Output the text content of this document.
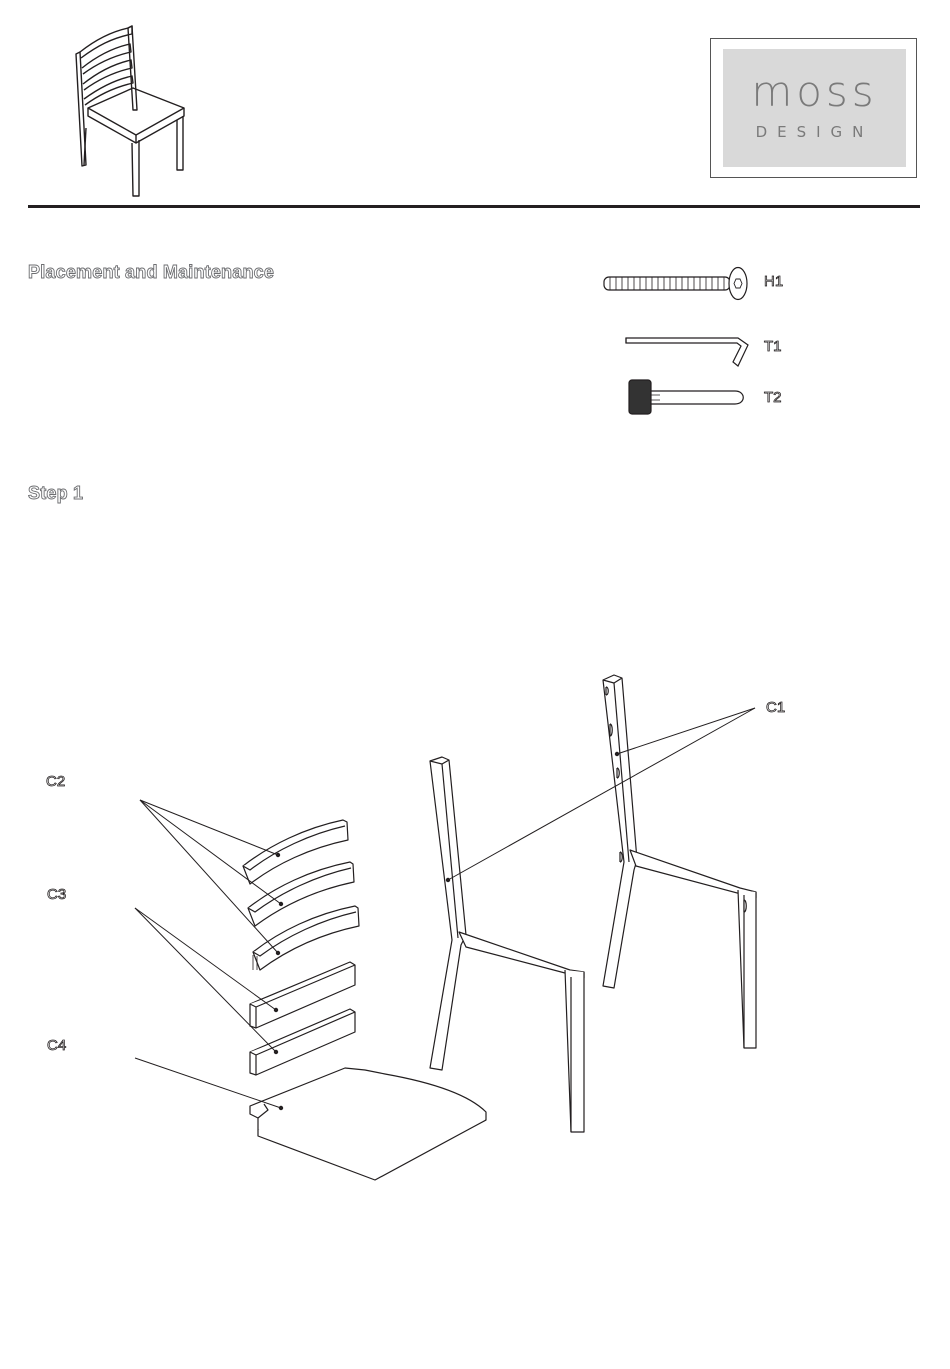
moss
DESIGN
Placement and Maintenance
Step 1
H1
T1
T2
C1
C2
C3
C4
